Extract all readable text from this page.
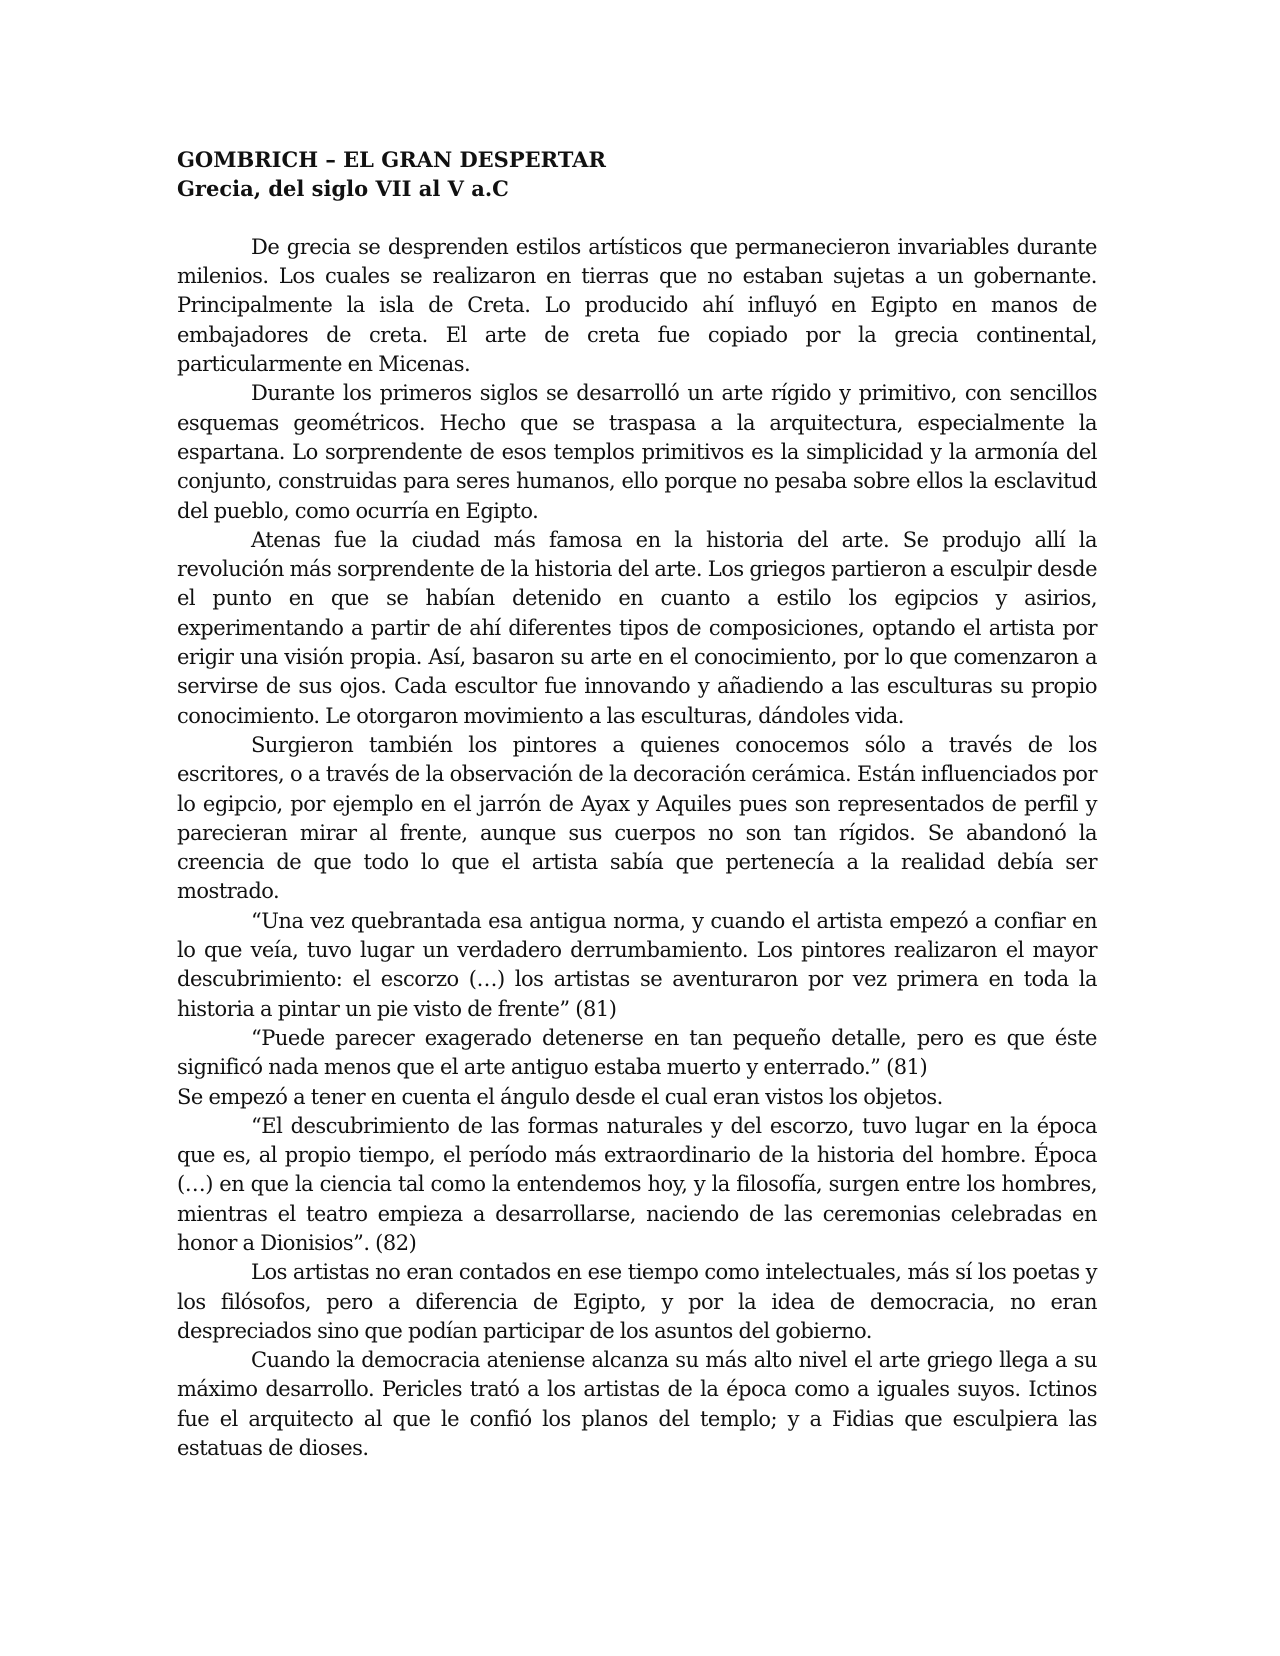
GOMBRICH – EL GRAN DESPERTAR

Grecia, del siglo VII al V a.C

De grecia se desprenden estilos artísticos que permanecieron invariables durante milenios. Los cuales se realizaron en tierras que no estaban sujetas a un gobernante. Principalmente la isla de Creta. Lo producido ahí influyó en Egipto en manos de embajadores de creta. El arte de creta fue copiado por la grecia continental, particularmente en Micenas.

Durante los primeros siglos se desarrolló un arte rígido y primitivo, con sencillos esquemas geométricos. Hecho que se traspasa a la arquitectura, especialmente la espartana. Lo sorprendente de esos templos primitivos es la simplicidad y la armonía del conjunto, construidas para seres humanos, ello porque no pesaba sobre ellos la esclavitud del pueblo, como ocurría en Egipto.

Atenas fue la ciudad más famosa en la historia del arte. Se produjo allí la revolución más sorprendente de la historia del arte. Los griegos partieron a esculpir desde el punto en que se habían detenido en cuanto a estilo los egipcios y asirios, experimentando a partir de ahí diferentes tipos de composiciones, optando el artista por erigir una visión propia. Así, basaron su arte en el conocimiento, por lo que comenzaron a servirse de sus ojos. Cada escultor fue innovando y añadiendo a las esculturas su propio conocimiento. Le otorgaron movimiento a las esculturas, dándoles vida.

Surgieron también los pintores a quienes conocemos sólo a través de los escritores, o a través de la observación de la decoración cerámica. Están influenciados por lo egipcio, por ejemplo en el jarrón de Ayax y Aquiles pues son representados de perfil y parecieran mirar al frente, aunque sus cuerpos no son tan rígidos. Se abandonó la creencia de que todo lo que el artista sabía que pertenecía a la realidad debía ser mostrado.

“Una vez quebrantada esa antigua norma, y cuando el artista empezó a confiar en lo que veía, tuvo lugar un verdadero derrumbamiento. Los pintores realizaron el mayor descubrimiento: el escorzo (…) los artistas se aventuraron por vez primera en toda la historia a pintar un pie visto de frente” (81)

“Puede parecer exagerado detenerse en tan pequeño detalle, pero es que éste significó nada menos que el arte antiguo estaba muerto y enterrado.” (81)

Se empezó a tener en cuenta el ángulo desde el cual eran vistos los objetos.

“El descubrimiento de las formas naturales y del escorzo, tuvo lugar en la época que es, al propio tiempo, el período más extraordinario de la historia del hombre. Época (…) en que la ciencia tal como la entendemos hoy, y la filosofía, surgen entre los hombres, mientras el teatro empieza a desarrollarse, naciendo de las ceremonias celebradas en honor a Dionisios”. (82)

Los artistas no eran contados en ese tiempo como intelectuales, más sí los poetas y los filósofos, pero a diferencia de Egipto, y por la idea de democracia, no eran despreciados sino que podían participar de los asuntos del gobierno.

Cuando la democracia ateniense alcanza su más alto nivel el arte griego llega a su máximo desarrollo. Pericles trató a los artistas de la época como a iguales suyos. Ictinos fue el arquitecto al que le confió los planos del templo; y a Fidias que esculpiera las estatuas de dioses.
